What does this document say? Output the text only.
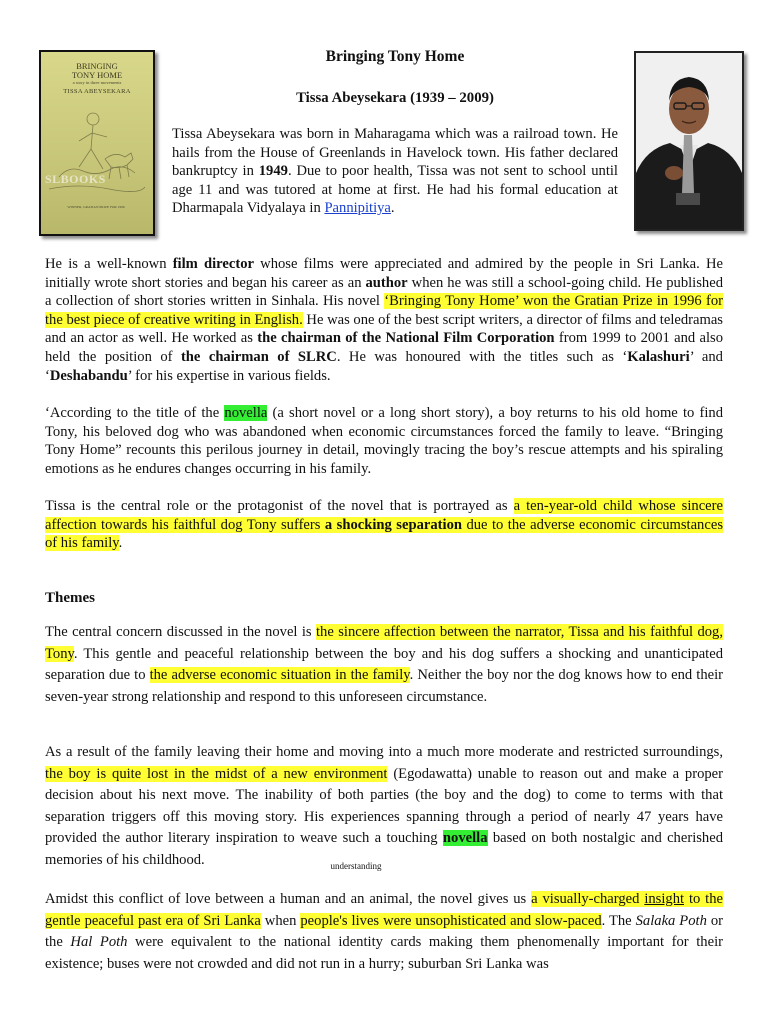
BRINGING
TONY HOME
a story in three movements
TISSA ABEYSEKARA
SLBOOKS
WINNER, GRATIAN PRIZE FOR 1996
Bringing Tony Home
Tissa Abeysekara (1939 – 2009)

Tissa Abeysekara was born in Maharagama which was a railroad town. He hails from the House of Greenlands in Havelock town. His father declared bankruptcy in 1949. Due to poor health, Tissa was not sent to school until age 11 and was tutored at home at first. He had his formal education at Dharmapala Vidyalaya in Pannipitiya.

He is a well-known film director whose films were appreciated and admired by the people in Sri Lanka. He initially wrote short stories and began his career as an author when he was still a school-going child. He published a collection of short stories written in Sinhala. His novel ‘Bringing Tony Home’ won the Gratian Prize in 1996 for the best piece of creative writing in English. He was one of the best script writers, a director of films and teledramas and an actor as well. He worked as the chairman of the National Film Corporation from 1999 to 2001 and also held the position of the chairman of SLRC. He was honoured with the titles such as ‘Kalashuri’ and ‘Deshabandu’ for his expertise in various fields.

‘According to the title of the novella (a short novel or a long short story), a boy returns to his old home to find Tony, his beloved dog who was abandoned when economic circumstances forced the family to leave. “Bringing Tony Home” recounts this perilous journey in detail, movingly tracing the boy’s rescue attempts and his spiraling emotions as he endures changes occurring in his family.

Tissa is the central role or the protagonist of the novel that is portrayed as a ten-year-old child whose sincere affection towards his faithful dog Tony suffers a shocking separation due to the adverse economic circumstances of his family.

Themes

The central concern discussed in the novel is the sincere affection between the narrator, Tissa and his faithful dog, Tony. This gentle and peaceful relationship between the boy and his dog suffers a shocking and unanticipated separation due to the adverse economic situation in the family. Neither the boy nor the dog knows how to end their seven-year strong relationship and respond to this unforeseen circumstance.

As a result of the family leaving their home and moving into a much more moderate and restricted surroundings, the boy is quite lost in the midst of a new environment (Egodawatta) unable to reason out and make a proper decision about his next move. The inability of both parties (the boy and the dog) to come to terms with that separation triggers off this moving story. His experiences spanning through a period of nearly 47 years have provided the author literary inspiration to weave such a touching novella based on both nostalgic and cherished memories of his childhood.	understanding

Amidst this conflict of love between a human and an animal, the novel gives us a visually-charged insight to the gentle peaceful past era of Sri Lanka when people's lives were unsophisticated and slow-paced. The Salaka Poth or the Hal Poth were equivalent to the national identity cards making them phenomenally important for their existence; buses were not crowded and did not run in a hurry; suburban Sri Lanka was
